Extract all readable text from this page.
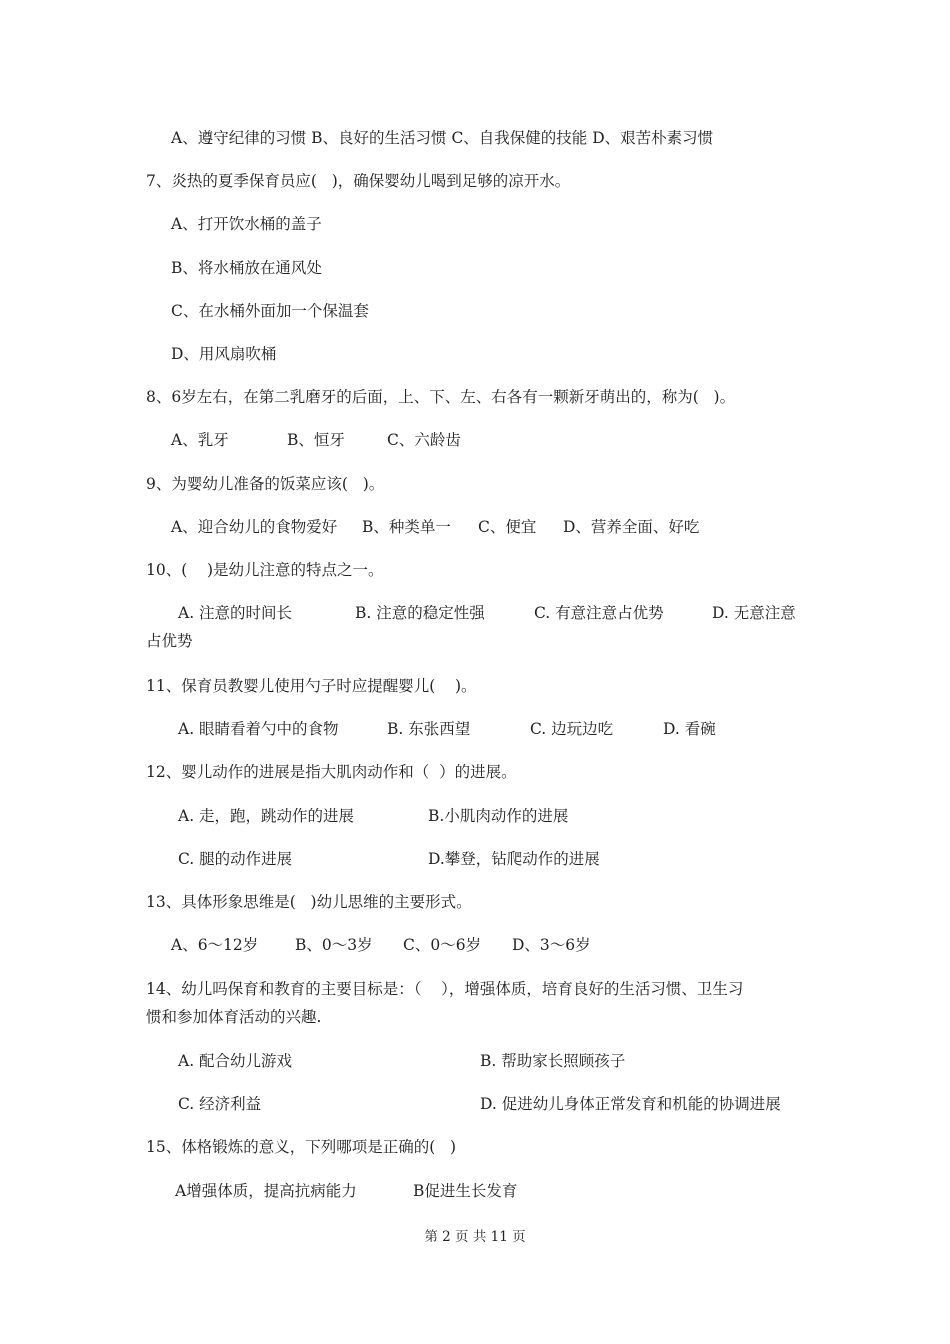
A、遵守纪律的习惯 B、良好的生活习惯 C、自我保健的技能 D、艰苦朴素习惯
7、炎热的夏季保育员应(   )，确保婴幼儿喝到足够的凉开水。
A、打开饮水桶的盖子
B、将水桶放在通风处
C、在水桶外面加一个保温套
D、用风扇吹桶
8、6岁左右，在第二乳磨牙的后面，上、下、左、右各有一颗新牙萌出的，称为(   )。
A、乳牙	B、恒牙	C、六龄齿
9、为婴幼儿准备的饭菜应该(   )。
A、迎合幼儿的食物爱好 B、种类单一 C、便宜 D、营养全面、好吃
10、(    )是幼儿注意的特点之一。
A. 注意的时间长	B. 注意的稳定性强	C. 有意注意占优势	D. 无意注意
占优势
11、保育员教婴儿使用勺子时应提醒婴儿(    )。
A. 眼睛看着勺中的食物	B. 东张西望	C. 边玩边吃	D. 看碗
12、婴儿动作的进展是指大肌肉动作和（  ）的进展。
A. 走，跑，跳动作的进展	B.小肌肉动作的进展
C. 腿的动作进展	D.攀登，钻爬动作的进展
13、具体形象思维是(   )幼儿思维的主要形式。
A、6～12岁 B、0～3岁 C、0～6岁 D、3～6岁
14、幼儿吗保育和教育的主要目标是：（    ），增强体质，培育良好的生活习惯、卫生习
惯和参加体育活动的兴趣.
A. 配合幼儿游戏	B. 帮助家长照顾孩子
C. 经济利益	D. 促进幼儿身体正常发育和机能的协调进展
15、体格锻炼的意义，下列哪项是正确的(   )
A增强体质，提高抗病能力	B促进生长发育
第 2 页 共 11 页
